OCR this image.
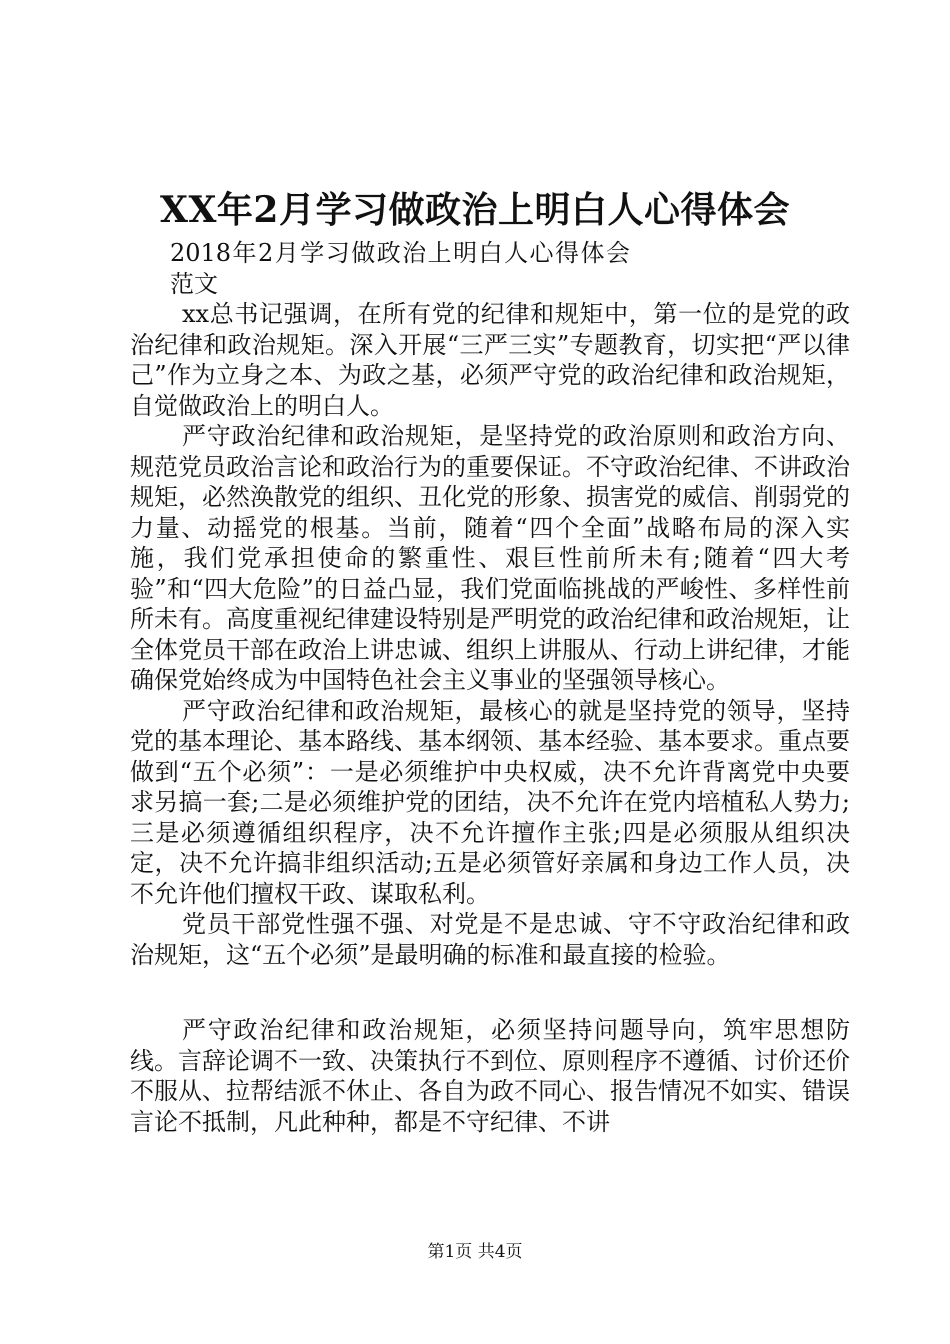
XX年2月学习做政治上明白人心得体会

2018年2月学习做政治上明白人心得体会范文

xx总书记强调，在所有党的纪律和规矩中，第一位的是党的政治纪律和政治规矩。深入开展“三严三实”专题教育，切实把“严以律己”作为立身之本、为政之基，必须严守党的政治纪律和政治规矩，自觉做政治上的明白人。

严守政治纪律和政治规矩，是坚持党的政治原则和政治方向、规范党员政治言论和政治行为的重要保证。不守政治纪律、不讲政治规矩，必然涣散党的组织、丑化党的形象、损害党的威信、削弱党的力量、动摇党的根基。当前，随着“四个全面”战略布局的深入实施，我们党承担使命的繁重性、艰巨性前所未有;随着“四大考验”和“四大危险”的日益凸显，我们党面临挑战的严峻性、多样性前所未有。高度重视纪律建设特别是严明党的政治纪律和政治规矩，让全体党员干部在政治上讲忠诚、组织上讲服从、行动上讲纪律，才能确保党始终成为中国特色社会主义事业的坚强领导核心。

严守政治纪律和政治规矩，最核心的就是坚持党的领导，坚持党的基本理论、基本路线、基本纲领、基本经验、基本要求。重点要做到“五个必须”：一是必须维护中央权威，决不允许背离党中央要求另搞一套;二是必须维护党的团结，决不允许在党内培植私人势力;三是必须遵循组织程序，决不允许擅作主张;四是必须服从组织决定，决不允许搞非组织活动;五是必须管好亲属和身边工作人员，决不允许他们擅权干政、谋取私利。

党员干部党性强不强、对党是不是忠诚、守不守政治纪律和政治规矩，这“五个必须”是最明确的标准和最直接的检验。

严守政治纪律和政治规矩，必须坚持问题导向，筑牢思想防线。言辞论调不一致、决策执行不到位、原则程序不遵循、讨价还价不服从、拉帮结派不休止、各自为政不同心、报告情况不如实、错误言论不抵制，凡此种种，都是不守纪律、不讲

第1页 共4页
